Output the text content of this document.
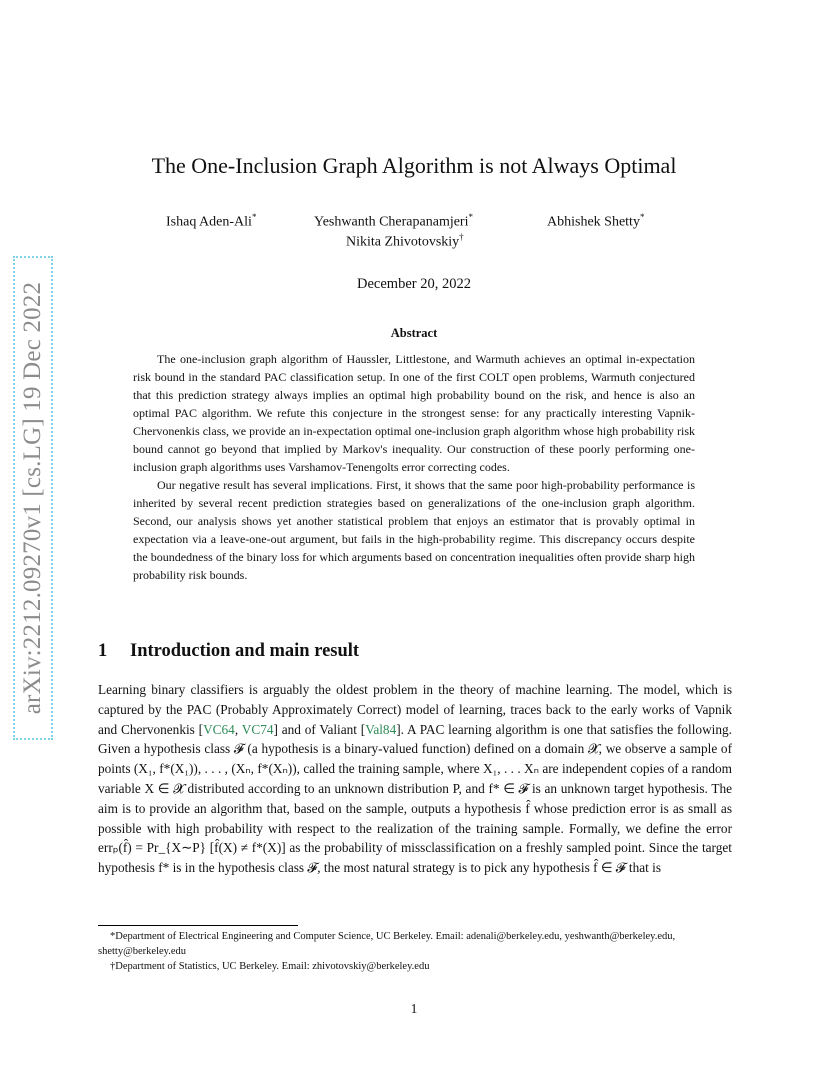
arXiv:2212.09270v1 [cs.LG] 19 Dec 2022
The One-Inclusion Graph Algorithm is not Always Optimal
Ishaq Aden-Ali*	Yeshwanth Cherapanamjeri*	Abhishek Shetty*
Nikita Zhivotovskiy†
December 20, 2022
Abstract

The one-inclusion graph algorithm of Haussler, Littlestone, and Warmuth achieves an optimal in-expectation risk bound in the standard PAC classification setup. In one of the first COLT open problems, Warmuth conjectured that this prediction strategy always implies an optimal high probability bound on the risk, and hence is also an optimal PAC algorithm. We refute this conjecture in the strongest sense: for any practically interesting Vapnik-Chervonenkis class, we provide an in-expectation optimal one-inclusion graph algorithm whose high probability risk bound cannot go beyond that implied by Markov's inequality. Our construction of these poorly performing one-inclusion graph algorithms uses Varshamov-Tenengolts error correcting codes.

Our negative result has several implications. First, it shows that the same poor high-probability performance is inherited by several recent prediction strategies based on generalizations of the one-inclusion graph algorithm. Second, our analysis shows yet another statistical problem that enjoys an estimator that is provably optimal in expectation via a leave-one-out argument, but fails in the high-probability regime. This discrepancy occurs despite the boundedness of the binary loss for which arguments based on concentration inequalities often provide sharp high probability risk bounds.

1 Introduction and main result

Learning binary classifiers is arguably the oldest problem in the theory of machine learning. The model, which is captured by the PAC (Probably Approximately Correct) model of learning, traces back to the early works of Vapnik and Chervonenkis [VC64, VC74] and of Valiant [Val84]. A PAC learning algorithm is one that satisfies the following. Given a hypothesis class 𝓕 (a hypothesis is a binary-valued function) defined on a domain 𝓧, we observe a sample of points (X₁, f*(X₁)), . . . , (Xₙ, f*(Xₙ)), called the training sample, where X₁, . . . Xₙ are independent copies of a random variable X ∈ 𝓧 distributed according to an unknown distribution P, and f* ∈ 𝓕 is an unknown target hypothesis. The aim is to provide an algorithm that, based on the sample, outputs a hypothesis f̂ whose prediction error is as small as possible with high probability with respect to the realization of the training sample. Formally, we define the error errₚ(f̂) = Pr_{X∼P} [f̂(X) ≠ f*(X)] as the probability of missclassification on a freshly sampled point. Since the target hypothesis f* is in the hypothesis class 𝓕, the most natural strategy is to pick any hypothesis f̂ ∈ 𝓕 that is

*Department of Electrical Engineering and Computer Science, UC Berkeley. Email: adenali@berkeley.edu, yeshwanth@berkeley.edu, shetty@berkeley.edu

†Department of Statistics, UC Berkeley. Email: zhivotovskiy@berkeley.edu

1
